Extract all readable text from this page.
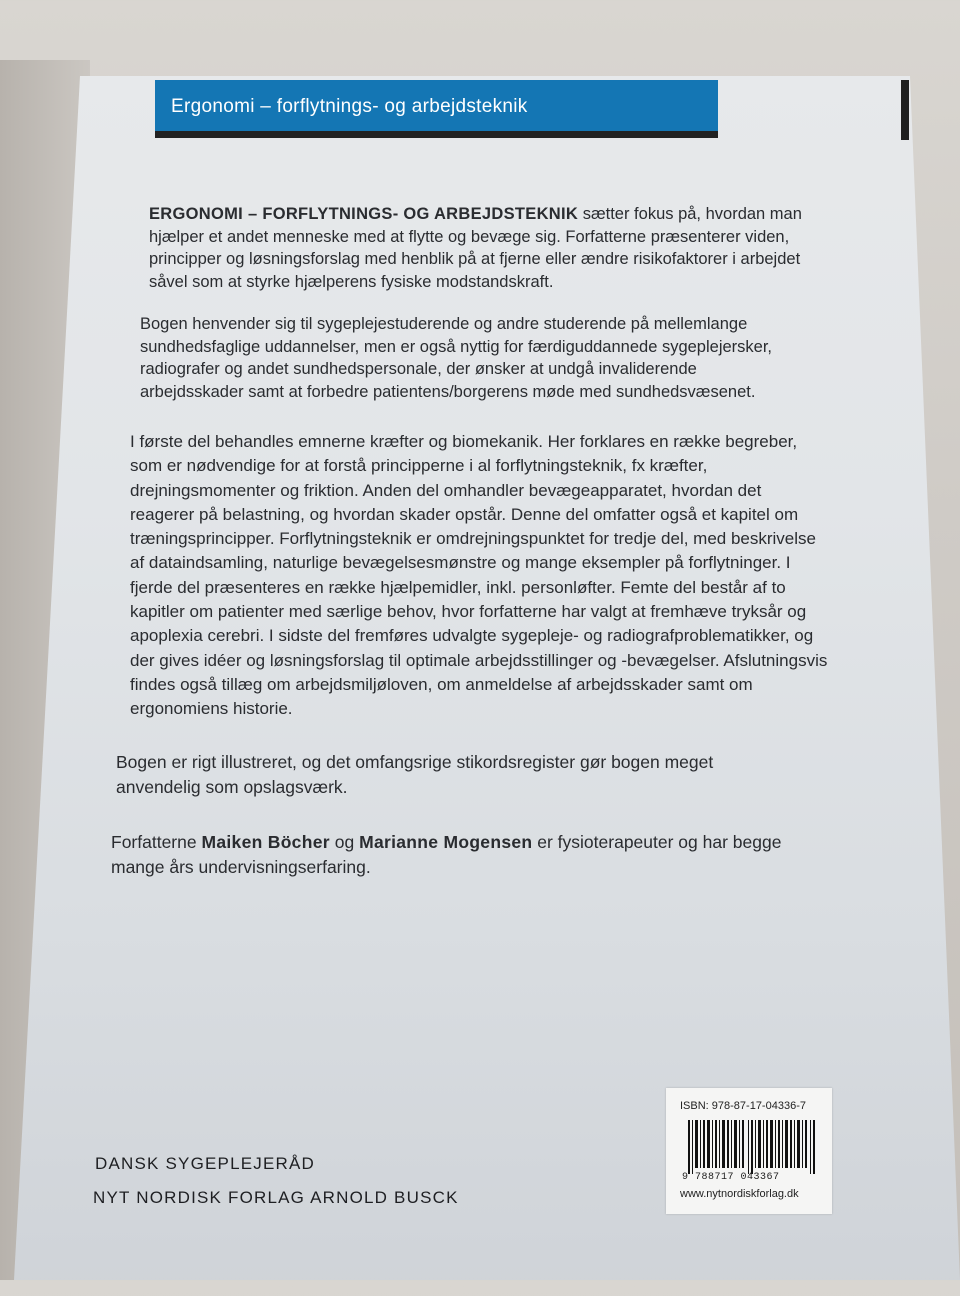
Ergonomi – forflytnings- og arbejdsteknik

ERGONOMI – FORFLYTNINGS- OG ARBEJDSTEKNIK sætter fokus på, hvordan man hjælper et andet menneske med at flytte og bevæge sig. Forfatterne præsenterer viden, principper og løsningsforslag med henblik på at fjerne eller ændre risikofaktorer i arbejdet såvel som at styrke hjælperens fysiske modstandskraft.

Bogen henvender sig til sygeplejestuderende og andre studerende på mellemlange sundhedsfaglige uddannelser, men er også nyttig for færdiguddannede sygeplejersker, radiografer og andet sundhedspersonale, der ønsker at undgå invaliderende arbejdsskader samt at forbedre patientens/borgerens møde med sundhedsvæsenet.

I første del behandles emnerne kræfter og biomekanik. Her forklares en række begreber, som er nødvendige for at forstå principperne i al forflytningsteknik, fx kræfter, drejningsmomenter og friktion. Anden del omhandler bevægeapparatet, hvordan det reagerer på belastning, og hvordan skader opstår. Denne del omfatter også et kapitel om træningsprincipper. Forflytningsteknik er omdrejningspunktet for tredje del, med beskrivelse af dataindsamling, naturlige bevægelsesmønstre og mange eksempler på forflytninger. I fjerde del præsenteres en række hjælpemidler, inkl. personløfter. Femte del består af to kapitler om patienter med særlige behov, hvor forfatterne har valgt at fremhæve tryksår og apoplexia cerebri. I sidste del fremføres udvalgte sygepleje- og radiografproblematikker, og der gives idéer og løsningsforslag til optimale arbejdsstillinger og -bevægelser. Afslutningsvis findes også tillæg om arbejdsmiljøloven, om anmeldelse af arbejdsskader samt om ergonomiens historie.

Bogen er rigt illustreret, og det omfangsrige stikordsregister gør bogen meget anvendelig som opslagsværk.

Forfatterne Maiken Böcher og Marianne Mogensen er fysioterapeuter og har begge mange års undervisningserfaring.

DANSK SYGEPLEJERÅD
NYT NORDISK FORLAG ARNOLD BUSCK
ISBN: 978-87-17-04336-7
9 788717 043367
www.nytnordiskforlag.dk
